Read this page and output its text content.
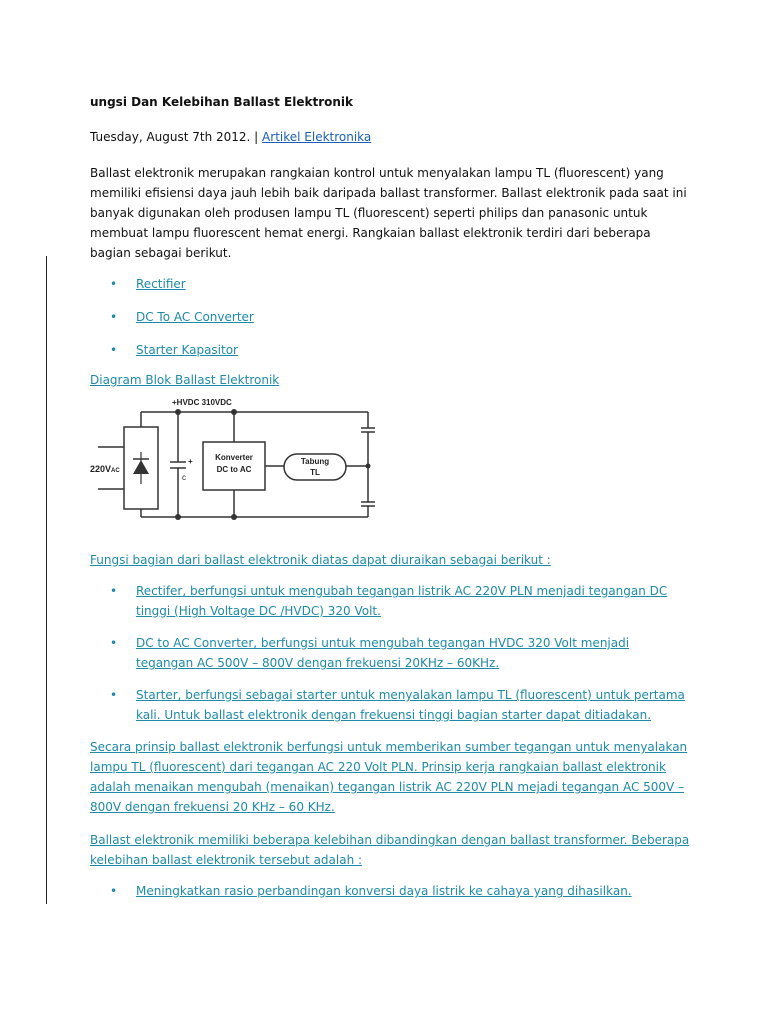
ungsi Dan Kelebihan Ballast Elektronik

Tuesday, August 7th 2012. | Artikel Elektronika

Ballast elektronik merupakan rangkaian kontrol untuk menyalakan lampu TL (fluorescent) yang memiliki efisiensi daya jauh lebih baik daripada ballast transformer. Ballast elektronik pada saat ini banyak digunakan oleh produsen lampu TL (fluorescent) seperti philips dan panasonic untuk membuat lampu fluorescent hemat energi. Rangkaian ballast elektronik terdiri dari beberapa bagian sebagai berikut.

• Rectifier
• DC To AC Converter
• Starter Kapasitor

Diagram Blok Ballast Elektronik

+HVDC 310VDC
220VAC
+
c
Konverter
DC to AC
Tabung
TL

Fungsi bagian dari ballast elektronik diatas dapat diuraikan sebagai berikut :

• Rectifer, berfungsi untuk mengubah tegangan listrik AC 220V PLN menjadi tegangan DC tinggi (High Voltage DC /HVDC) 320 Volt.
• DC to AC Converter, berfungsi untuk mengubah tegangan HVDC 320 Volt menjadi tegangan AC 500V – 800V dengan frekuensi 20KHz – 60KHz.
• Starter, berfungsi sebagai starter untuk menyalakan lampu TL (fluorescent) untuk pertama kali. Untuk ballast elektronik dengan frekuensi tinggi bagian starter dapat ditiadakan.

Secara prinsip ballast elektronik berfungsi untuk memberikan sumber tegangan untuk menyalakan lampu TL (fluorescent) dari tegangan AC 220 Volt PLN. Prinsip kerja rangkaian ballast elektronik adalah menaikan mengubah (menaikan) tegangan listrik AC 220V PLN mejadi tegangan AC 500V – 800V dengan frekuensi 20 KHz – 60 KHz.

Ballast elektronik memiliki beberapa kelebihan dibandingkan dengan ballast transformer. Beberapa kelebihan ballast elektronik tersebut adalah :

• Meningkatkan rasio perbandingan konversi daya listrik ke cahaya yang dihasilkan.
